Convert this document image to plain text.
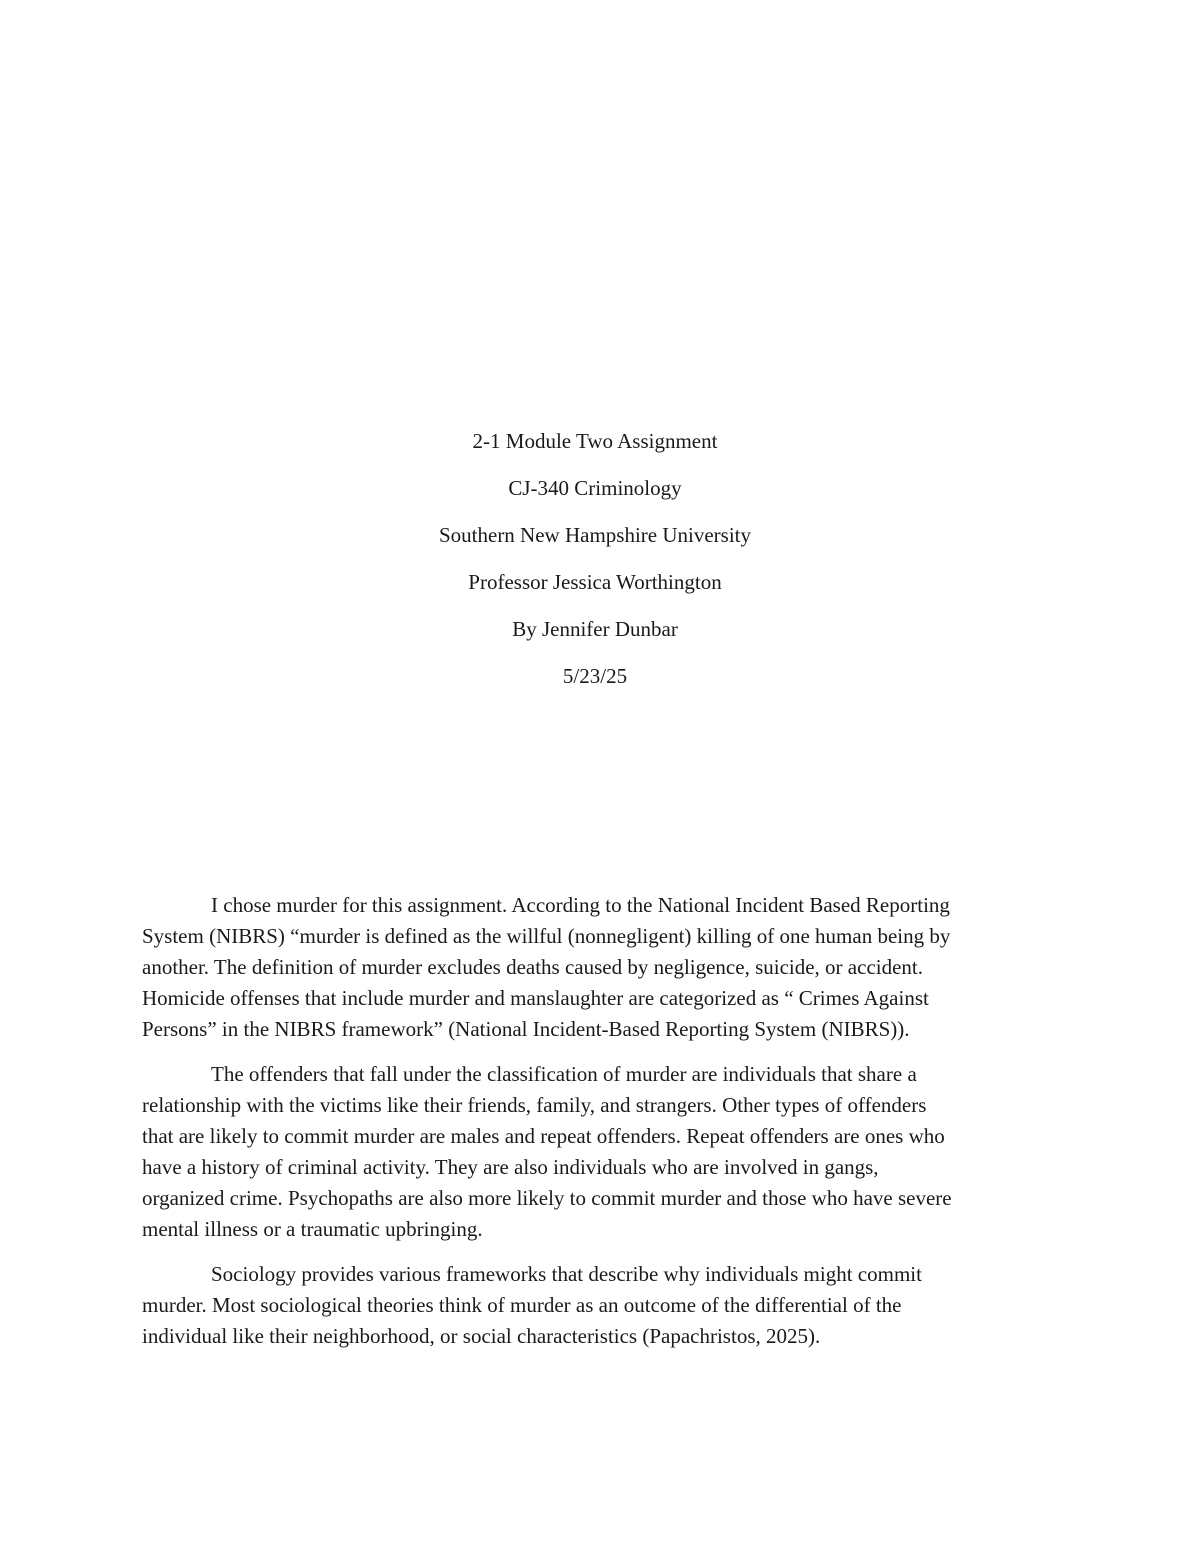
2-1 Module Two Assignment

CJ-340 Criminology

Southern New Hampshire University

Professor Jessica Worthington

By Jennifer Dunbar

5/23/25

I chose murder for this assignment. According to the National Incident Based Reporting
System (NIBRS) “murder is defined as the willful (nonnegligent) killing of one human being by
another. The definition of murder excludes deaths caused by negligence, suicide, or accident.
Homicide offenses that include murder and manslaughter are categorized as “ Crimes Against
Persons” in the NIBRS framework” (National Incident-Based Reporting System (NIBRS)).

The offenders that fall under the classification of murder are individuals that share a
relationship with the victims like their friends, family, and strangers. Other types of offenders
that are likely to commit murder are males and repeat offenders. Repeat offenders are ones who
have a history of criminal activity. They are also individuals who are involved in gangs,
organized crime. Psychopaths are also more likely to commit murder and those who have severe
mental illness or a traumatic upbringing.

Sociology provides various frameworks that describe why individuals might commit
murder. Most sociological theories think of murder as an outcome of the differential of the
individual like their neighborhood, or social characteristics (Papachristos, 2025).
